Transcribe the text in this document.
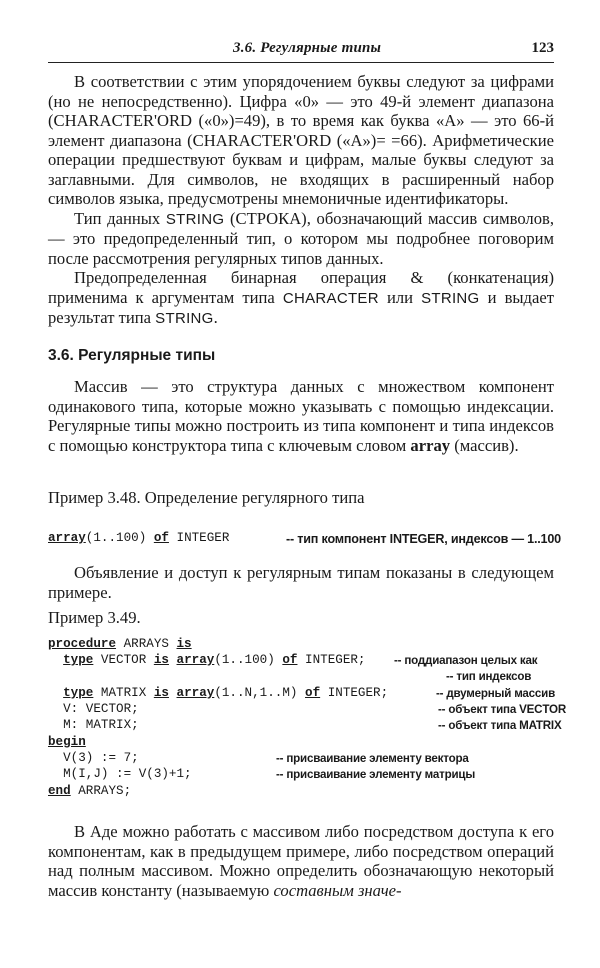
3.6. Регулярные типы	123

В соответствии с этим упорядочением буквы следуют за цифрами (но не непосредственно). Цифра «0» — это 49-й элемент диапазона (CHARACTER'ORD («0»)=49), в то время как буква «А» — это 66-й элемент диапазона (CHARACTER'ORD («А»)= =66). Арифметические операции предшествуют буквам и цифрам, малые буквы следуют за заглавными. Для символов, не входящих в расширенный набор символов языка, предусмотрены мнемоничные идентификаторы.

Тип данных STRING (СТРОКА), обозначающий массив символов,— это предопределенный тип, о котором мы подробнее поговорим после рассмотрения регулярных типов данных.

Предопределенная бинарная операция & (конкатенация) применима к аргументам типа CHARACTER или STRING и выдает результат типа STRING.

3.6. Регулярные типы

Массив — это структура данных с множеством компонент одинакового типа, которые можно указывать с помощью индексации. Регулярные типы можно построить из типа компонент и типа индексов с помощью конструктора типа с ключевым словом array (массив).

Пример 3.48. Определение регулярного типа
array(1..100) of INTEGER	-- тип компонент INTEGER, индексов — 1..100

Объявление и доступ к регулярным типам показаны в следующем примере.

Пример 3.49.
procedure ARRAYS is
type VECTOR is array(1..100) of INTEGER; -- поддиапазон целых как
-- тип индексов
type MATRIX is array(1..N,1..M) of INTEGER;	-- двумерный массив
V: VECTOR;	-- объект типа VECTOR
M: MATRIX;	-- объект типа MATRIX
begin
V(3) := 7;	-- присваивание элементу вектора
M(I,J) := V(3)+1;	-- присваивание элементу матрицы
end ARRAYS;

В Аде можно работать с массивом либо посредством доступа к его компонентам, как в предыдущем примере, либо посредством операций над полным массивом. Можно определить обозначающую некоторый массив константу (называемую составным значе-
